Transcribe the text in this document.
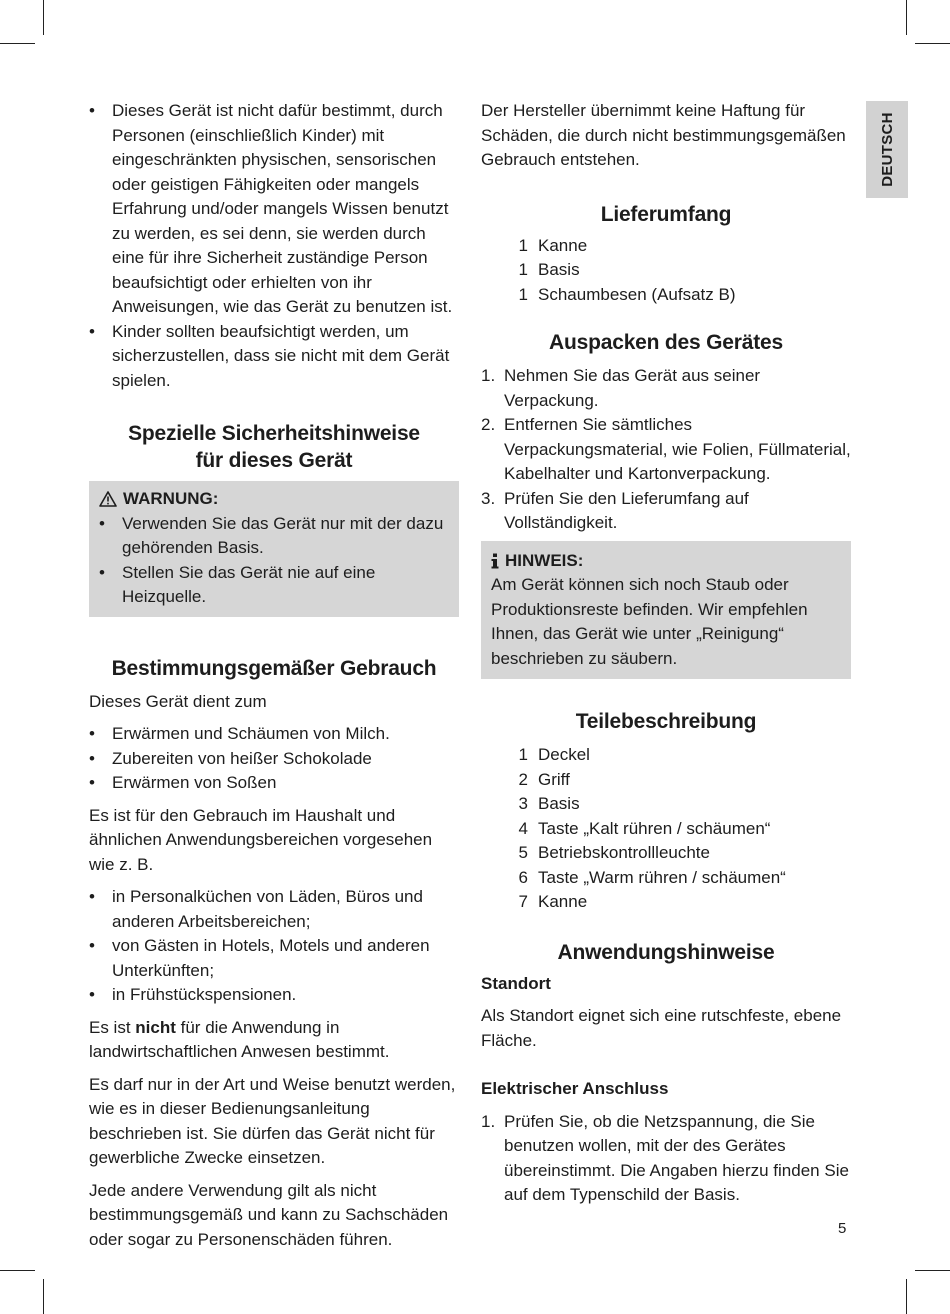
DEUTSCH

• Dieses Gerät ist nicht dafür bestimmt, durch Personen (einschließlich Kinder) mit eingeschränkten physischen, sensorischen oder geistigen Fähigkeiten oder mangels Erfahrung und/oder mangels Wissen benutzt zu werden, es sei denn, sie werden durch eine für ihre Sicherheit zuständige Person beaufsichtigt oder erhielten von ihr Anweisungen, wie das Gerät zu benutzen ist.

• Kinder sollten beaufsichtigt werden, um sicherzustellen, dass sie nicht mit dem Gerät spielen.

Spezielle Sicherheitshinweise
für dieses Gerät
WARNUNG:

• Verwenden Sie das Gerät nur mit der dazu gehörenden Basis.

• Stellen Sie das Gerät nie auf eine Heizquelle.

Bestimmungsgemäßer Gebrauch

Dieses Gerät dient zum

• Erwärmen und Schäumen von Milch.

• Zubereiten von heißer Schokolade

• Erwärmen von Soßen

Es ist für den Gebrauch im Haushalt und ähnlichen Anwendungsbereichen vorgesehen wie z. B.

• in Personalküchen von Läden, Büros und anderen Arbeitsbereichen;

• von Gästen in Hotels, Motels und anderen Unterkünften;

• in Frühstückspensionen.

Es ist nicht für die Anwendung in landwirtschaftlichen Anwesen bestimmt.

Es darf nur in der Art und Weise benutzt werden, wie es in dieser Bedienungsanleitung beschrieben ist. Sie dürfen das Gerät nicht für gewerbliche Zwecke einsetzen.

Jede andere Verwendung gilt als nicht bestimmungsgemäß und kann zu Sachschäden oder sogar zu Personenschäden führen.

Der Hersteller übernimmt keine Haftung für Schäden, die durch nicht bestimmungsgemäßen Gebrauch entstehen.

Lieferumfang
1 Kanne
1 Basis
1 Schaumbesen (Aufsatz B)
Auspacken des Gerätes

1. Nehmen Sie das Gerät aus seiner Verpackung.

2. Entfernen Sie sämtliches Verpackungsmaterial, wie Folien, Füllmaterial, Kabelhalter und Kartonverpackung.

3. Prüfen Sie den Lieferumfang auf Vollständigkeit.

HINWEIS:

Am Gerät können sich noch Staub oder Produktionsreste befinden. Wir empfehlen Ihnen, das Gerät wie unter „Reinigung“ beschrieben zu säubern.

Teilebeschreibung
1 Deckel
2 Griff
3 Basis
4 Taste „Kalt rühren / schäumen“
5 Betriebskontrollleuchte
6 Taste „Warm rühren / schäumen“
7 Kanne
Anwendungshinweise
Standort

Als Standort eignet sich eine rutschfeste, ebene Fläche.

Elektrischer Anschluss

1. Prüfen Sie, ob die Netzspannung, die Sie benutzen wollen, mit der des Gerätes übereinstimmt. Die Angaben hierzu finden Sie auf dem Typenschild der Basis.

5
